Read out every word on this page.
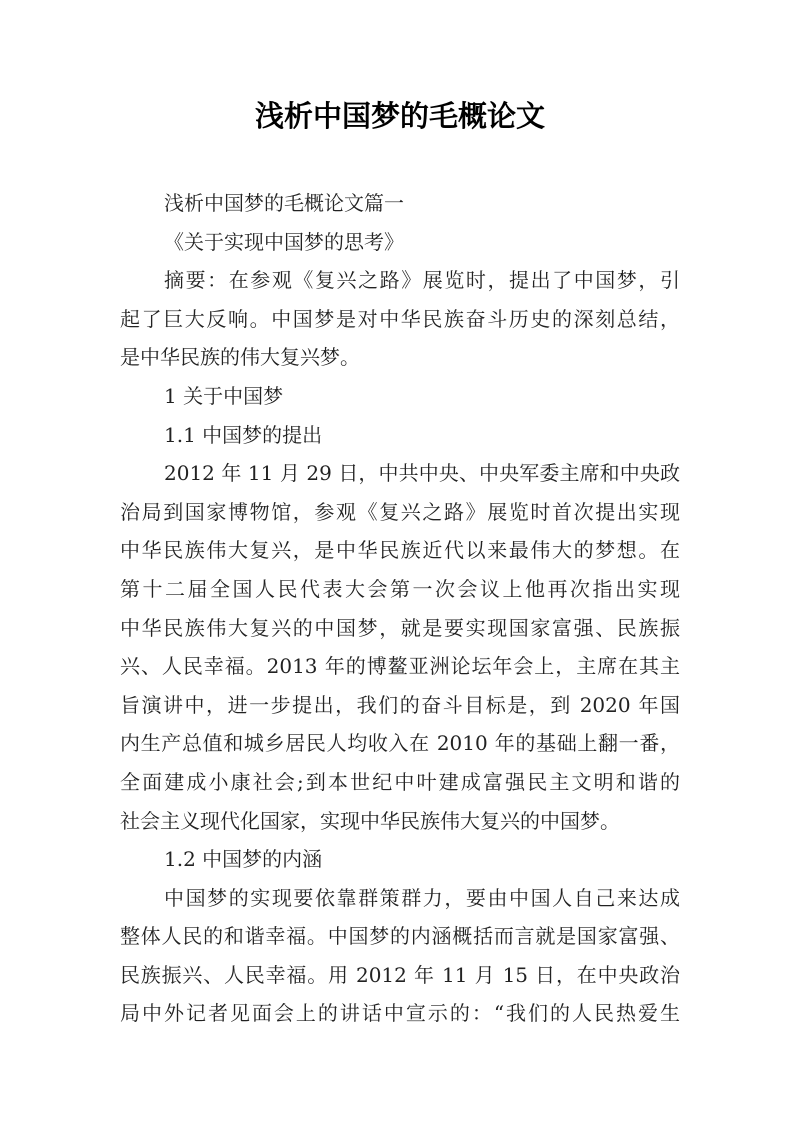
浅析中国梦的毛概论文
浅析中国梦的毛概论文篇一
《关于实现中国梦的思考》
摘要：在参观《复兴之路》展览时，提出了中国梦，引
起了巨大反响。中国梦是对中华民族奋斗历史的深刻总结，
是中华民族的伟大复兴梦。
1 关于中国梦
1.1 中国梦的提出
2012 年 11 月 29 日，中共中央、中央军委主席和中央政
治局到国家博物馆，参观《复兴之路》展览时首次提出实现
中华民族伟大复兴，是中华民族近代以来最伟大的梦想。在
第十二届全国人民代表大会第一次会议上他再次指出实现
中华民族伟大复兴的中国梦，就是要实现国家富强、民族振
兴、人民幸福。2013 年的博鳌亚洲论坛年会上，主席在其主
旨演讲中，进一步提出，我们的奋斗目标是，到 2020 年国
内生产总值和城乡居民人均收入在 2010 年的基础上翻一番，
全面建成小康社会;到本世纪中叶建成富强民主文明和谐的
社会主义现代化国家，实现中华民族伟大复兴的中国梦。
1.2 中国梦的内涵
中国梦的实现要依靠群策群力，要由中国人自己来达成
整体人民的和谐幸福。中国梦的内涵概括而言就是国家富强、
民族振兴、人民幸福。用 2012 年 11 月 15 日，在中央政治
局中外记者见面会上的讲话中宣示的：“我们的人民热爱生
